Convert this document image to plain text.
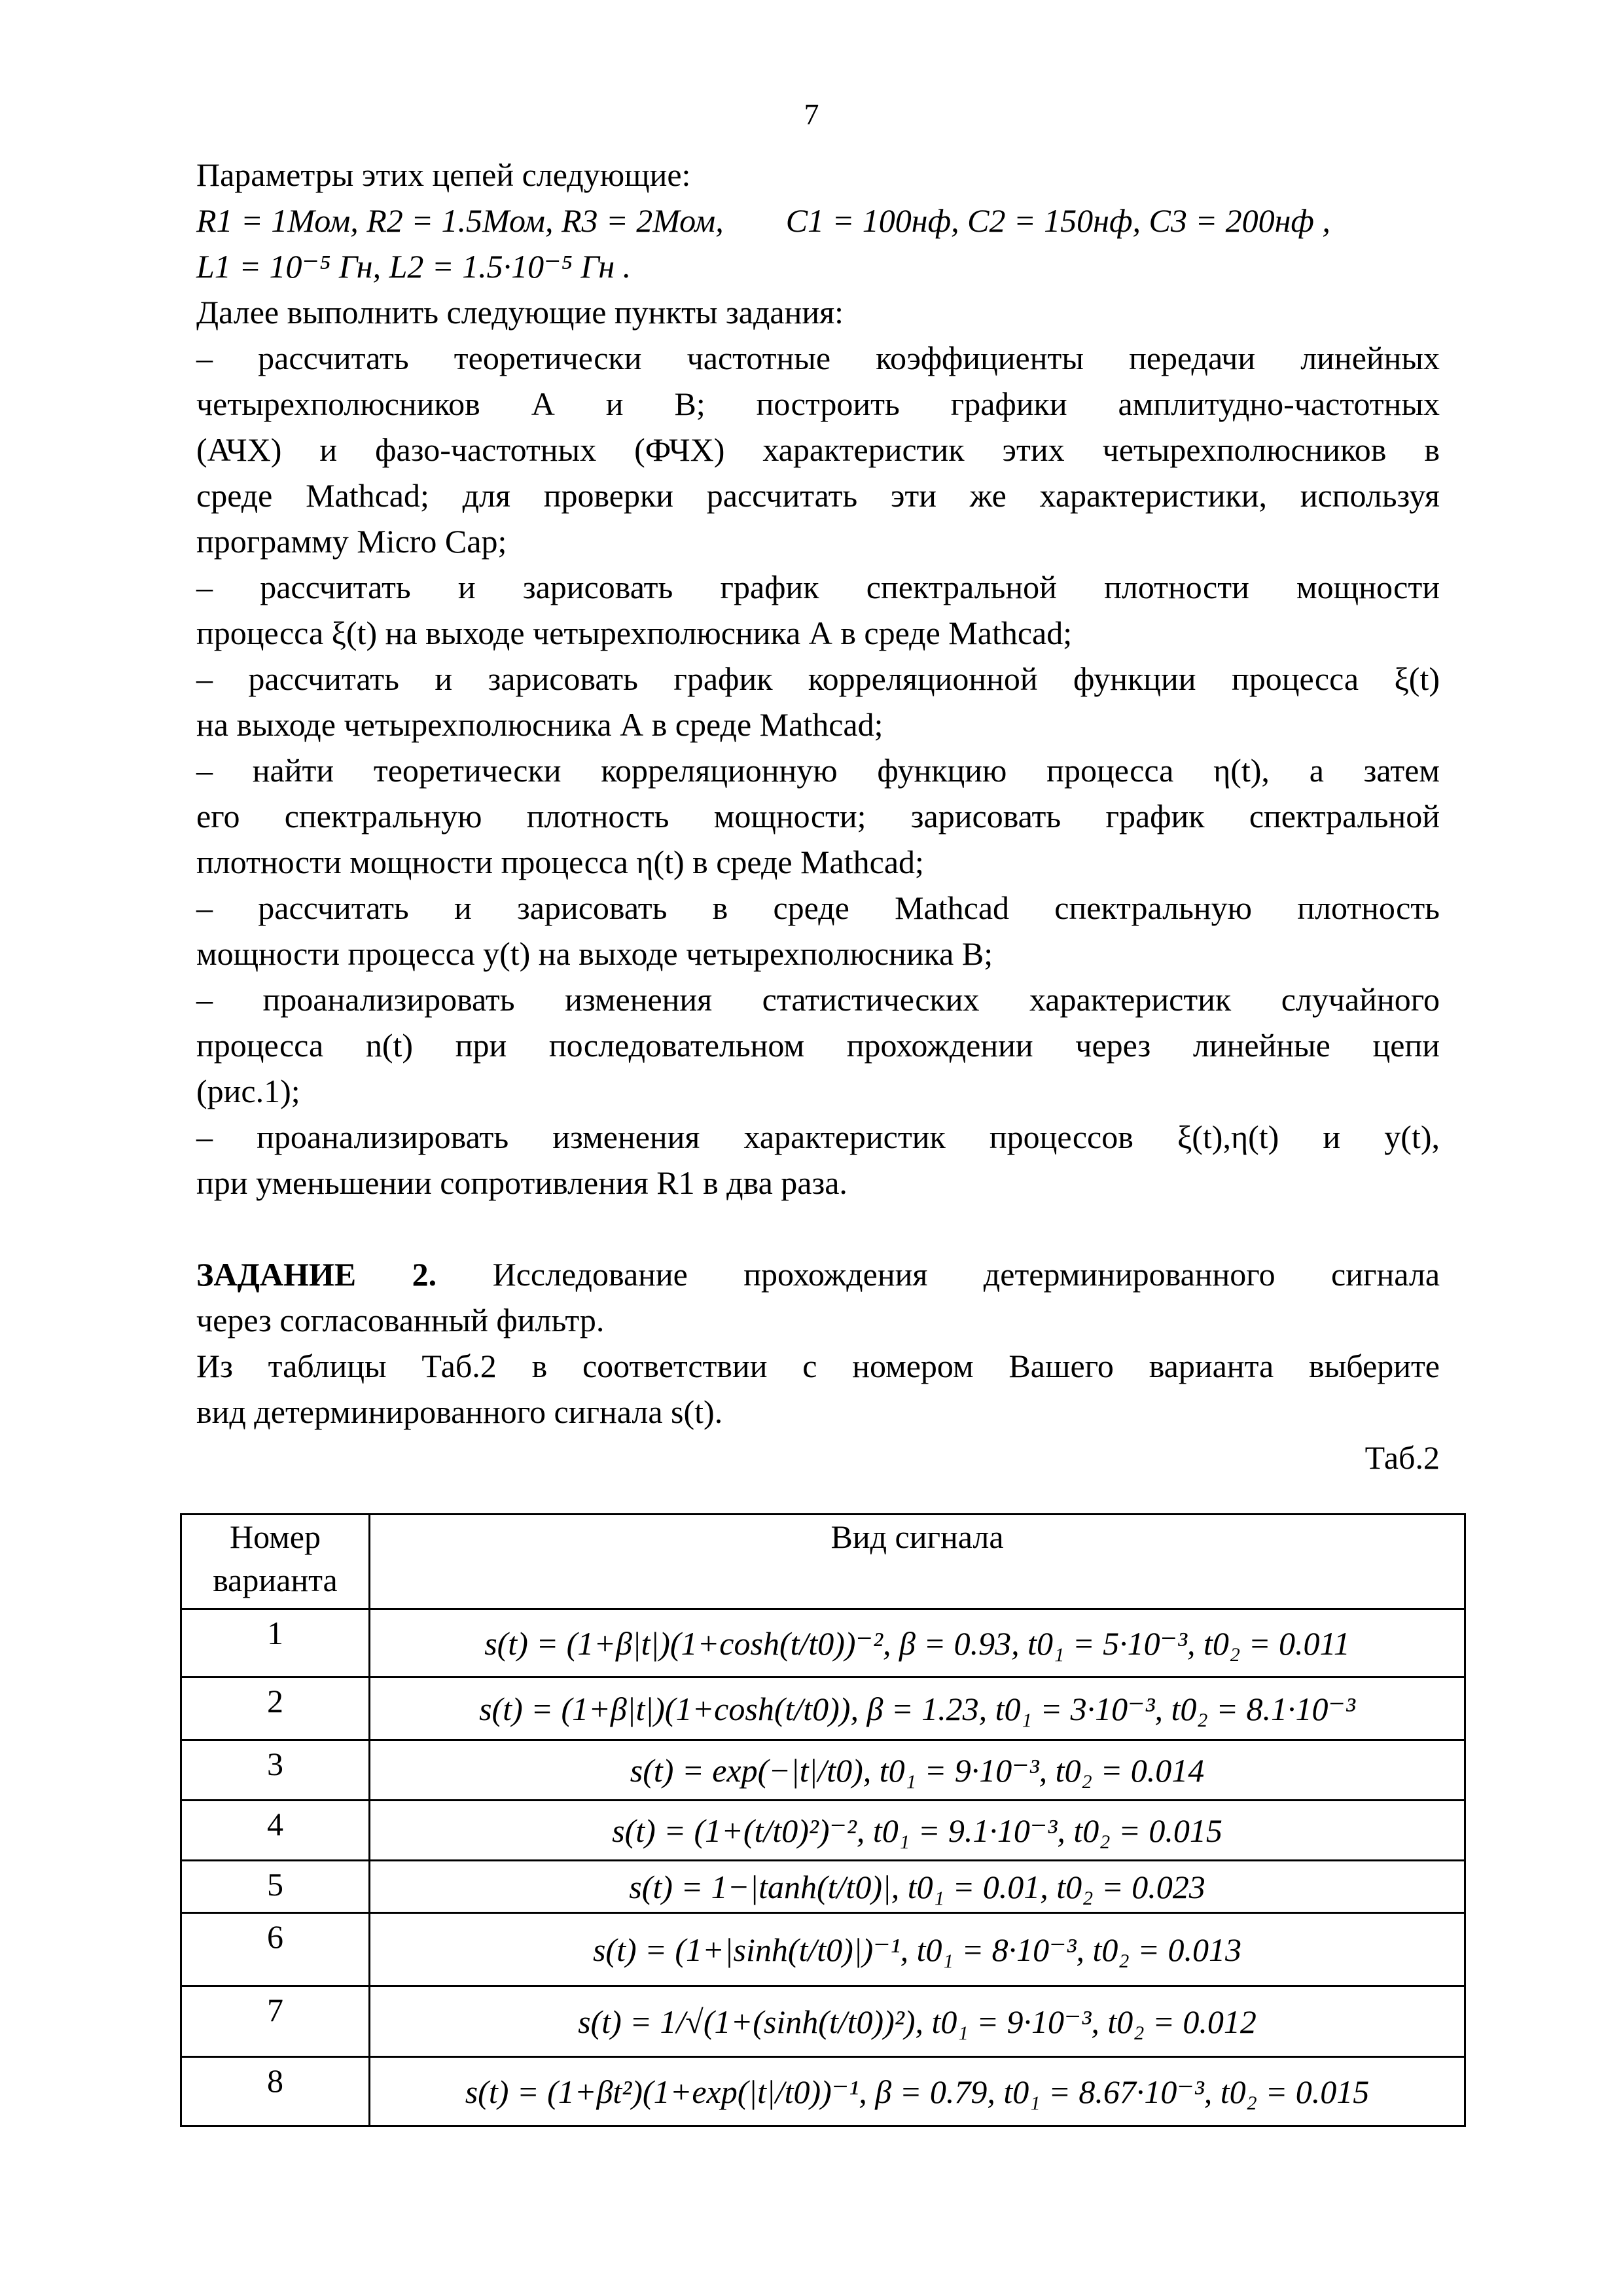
7
Параметры этих цепей следующие:
R1 = 1Мом, R2 = 1.5Мом, R3 = 2Мом, C1 = 100нф, C2 = 150нф, C3 = 200нф ,
L1 = 10⁻⁵ Гн, L2 = 1.5·10⁻⁵ Гн .
Далее выполнить следующие пункты задания:
– рассчитать теоретически частотные коэффициенты передачи линейных
четырехполюсников А и В; построить графики амплитудно-частотных
(АЧХ) и фазо-частотных (ФЧХ) характеристик этих четырехполюсников в
среде Mathcad; для проверки рассчитать эти же характеристики, используя
программу Micro Cap;
– рассчитать и зарисовать график спектральной плотности мощности
процесса ξ(t) на выходе четырехполюсника А в среде Mathcad;
– рассчитать и зарисовать график корреляционной функции процесса ξ(t)
на выходе четырехполюсника А в среде Mathcad;
– найти теоретически корреляционную функцию процесса η(t), а затем
его спектральную плотность мощности; зарисовать график спектральной
плотности мощности процесса η(t) в среде Mathcad;
– рассчитать и зарисовать в среде Mathcad спектральную плотность
мощности процесса y(t) на выходе четырехполюсника В;
– проанализировать изменения статистических характеристик случайного
процесса n(t) при последовательном прохождении через линейные цепи
(рис.1);
– проанализировать изменения характеристик процессов ξ(t),η(t) и y(t),
при уменьшении сопротивления R1 в два раза.
ЗАДАНИЕ 2. Исследование прохождения детерминированного сигнала
через согласованный фильтр.
Из таблицы Таб.2 в соответствии с номером Вашего варианта выберите
вид детерминированного сигнала s(t).
Таб.2
Номер
варианта	Вид сигнала
1	s(t) = (1+β|t|)(1+cosh(t/t0))⁻², β = 0.93, t0₁ = 5·10⁻³, t0₂ = 0.011
2	s(t) = (1+β|t|)(1+cosh(t/t0)), β = 1.23, t0₁ = 3·10⁻³, t0₂ = 8.1·10⁻³
3	s(t) = exp(−|t|/t0), t0₁ = 9·10⁻³, t0₂ = 0.014
4	s(t) = (1+(t/t0)²)⁻², t0₁ = 9.1·10⁻³, t0₂ = 0.015
5	s(t) = 1−|tanh(t/t0)|, t0₁ = 0.01, t0₂ = 0.023
6	s(t) = (1+|sinh(t/t0)|)⁻¹, t0₁ = 8·10⁻³, t0₂ = 0.013
7	s(t) = 1/√(1+(sinh(t/t0))²), t0₁ = 9·10⁻³, t0₂ = 0.012
8	s(t) = (1+βt²)(1+exp(|t|/t0))⁻¹, β = 0.79, t0₁ = 8.67·10⁻³, t0₂ = 0.015
